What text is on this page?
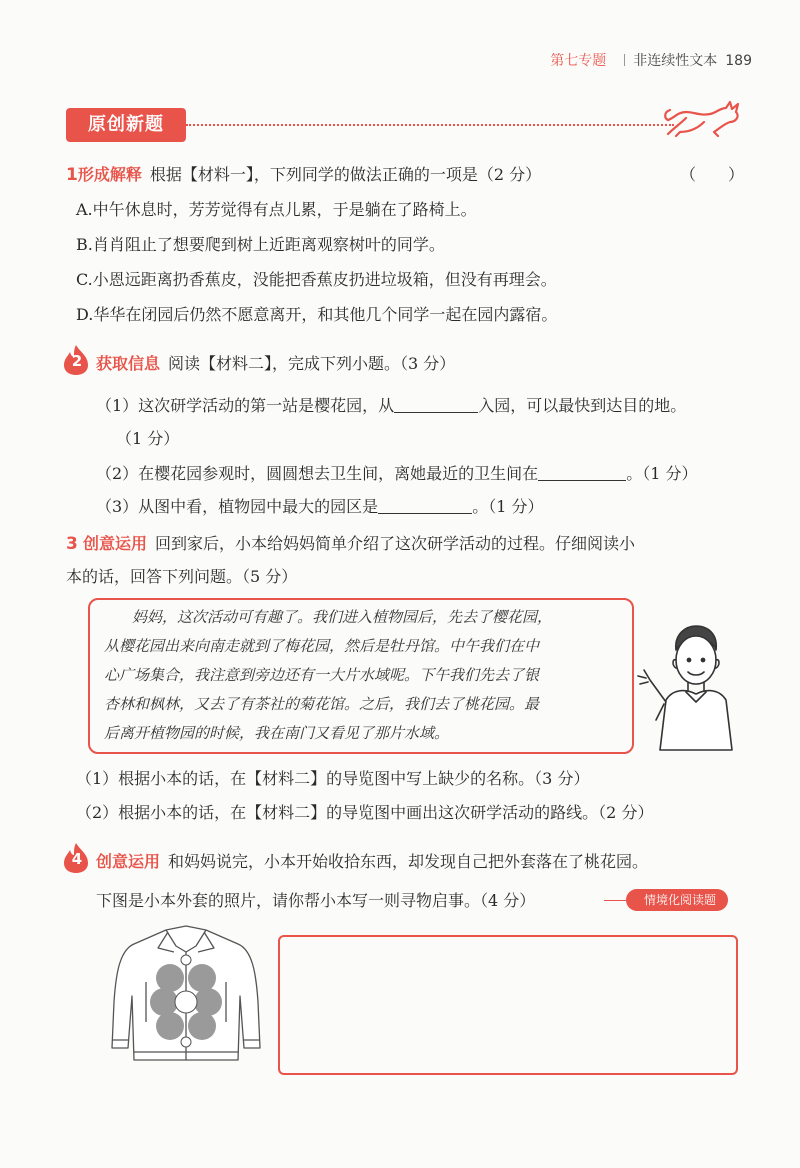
第七专题 非连续性文本 189
原创新题
1形成解释 根据【材料一】，下列同学的做法正确的一项是（2 分）	（　　）
A.中午休息时，芳芳觉得有点儿累，于是躺在了路椅上。
B.肖肖阻止了想要爬到树上近距离观察树叶的同学。
C.小恩远距离扔香蕉皮，没能把香蕉皮扔进垃圾箱，但没有再理会。
D.华华在闭园后仍然不愿意离开，和其他几个同学一起在园内露宿。
2 获取信息 阅读【材料二】，完成下列小题。（3 分）
（1）这次研学活动的第一站是樱花园，从	入园，可以最快到达目的地。
（1 分）
（2）在樱花园参观时，圆圆想去卫生间，离她最近的卫生间在	。（1 分）
（3）从图中看，植物园中最大的园区是	。（1 分）
3 创意运用 回到家后，小本给妈妈简单介绍了这次研学活动的过程。仔细阅读小
本的话，回答下列问题。（5 分）
妈妈，这次活动可有趣了。我们进入植物园后，先去了樱花园，
从樱花园出来向南走就到了梅花园，然后是牡丹馆。中午我们在中
心广场集合，我注意到旁边还有一大片水域呢。下午我们先去了银
杏林和枫林，又去了有茶社的菊花馆。之后，我们去了桃花园。最
后离开植物园的时候，我在南门又看见了那片水域。
（1）根据小本的话，在【材料二】的导览图中写上缺少的名称。（3 分）
（2）根据小本的话，在【材料二】的导览图中画出这次研学活动的路线。（2 分）
4 创意运用 和妈妈说完，小本开始收拾东西，却发现自己把外套落在了桃花园。
下图是小本外套的照片，请你帮小本写一则寻物启事。（4 分）	情境化阅读题
